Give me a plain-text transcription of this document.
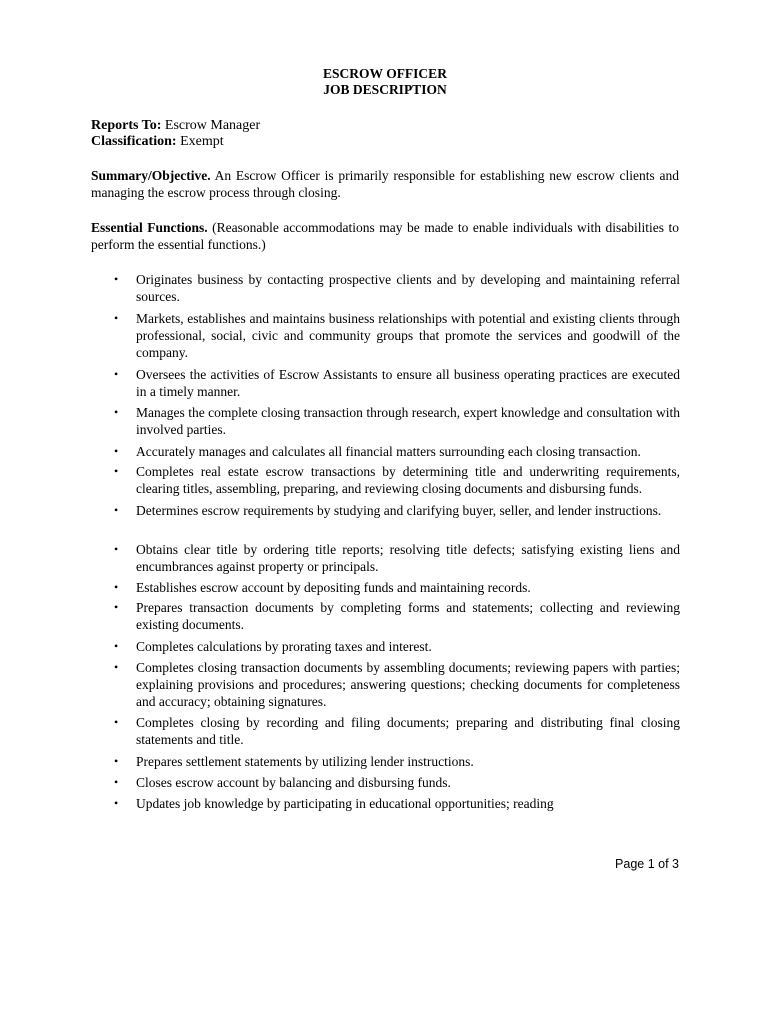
ESCROW OFFICER
JOB DESCRIPTION
Reports To: Escrow Manager
Classification: Exempt
Summary/Objective. An Escrow Officer is primarily responsible for establishing new escrow clients and managing the escrow process through closing.
Essential Functions. (Reasonable accommodations may be made to enable individuals with disabilities to perform the essential functions.)
• Originates business by contacting prospective clients and by developing and maintaining referral sources.
• Markets, establishes and maintains business relationships with potential and existing clients through professional, social, civic and community groups that promote the services and goodwill of the company.
• Oversees the activities of Escrow Assistants to ensure all business operating practices are executed in a timely manner.
• Manages the complete closing transaction through research, expert knowledge and consultation with involved parties.
• Accurately manages and calculates all financial matters surrounding each closing transaction.
• Completes real estate escrow transactions by determining title and underwriting requirements, clearing titles, assembling, preparing, and reviewing closing documents and disbursing funds.
• Determines escrow requirements by studying and clarifying buyer, seller, and lender instructions.
• Obtains clear title by ordering title reports; resolving title defects; satisfying existing liens and encumbrances against property or principals.
• Establishes escrow account by depositing funds and maintaining records.
• Prepares transaction documents by completing forms and statements; collecting and reviewing existing documents.
• Completes calculations by prorating taxes and interest.
• Completes closing transaction documents by assembling documents; reviewing papers with parties; explaining provisions and procedures; answering questions; checking documents for completeness and accuracy; obtaining signatures.
• Completes closing by recording and filing documents; preparing and distributing final closing statements and title.
• Prepares settlement statements by utilizing lender instructions.
• Closes escrow account by balancing and disbursing funds.
• Updates job knowledge by participating in educational opportunities; reading
Page 1 of 3
